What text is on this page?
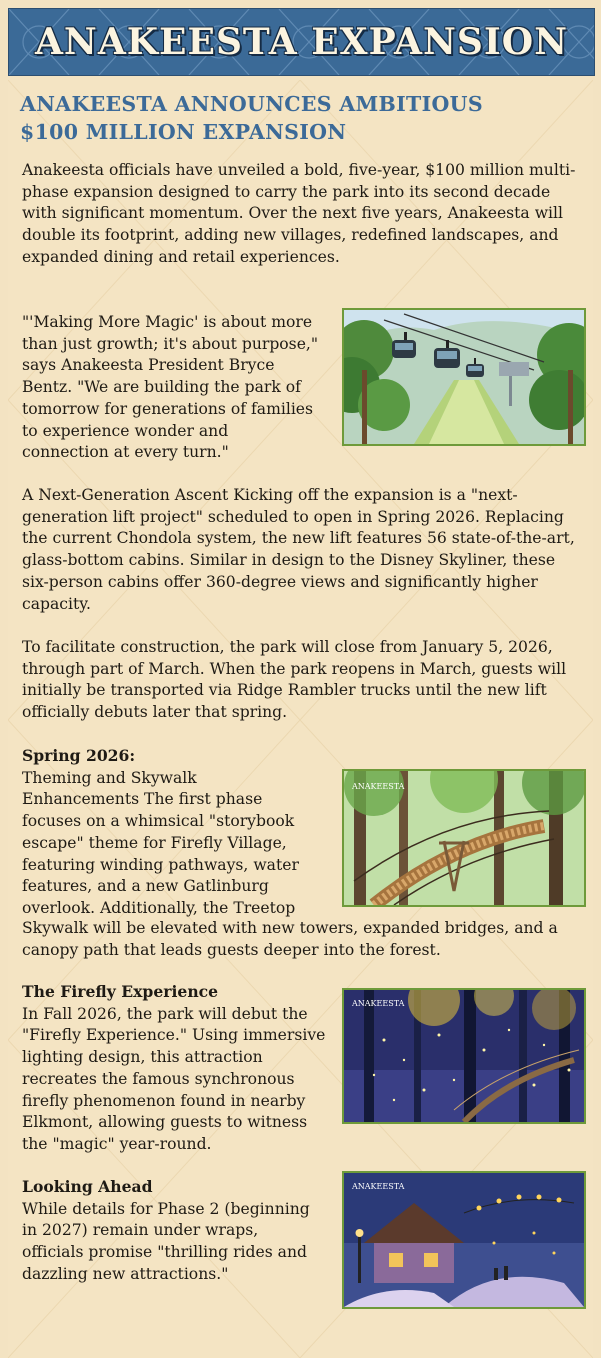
ANAKEESTA EXPANSION
ANAKEESTA ANNOUNCES AMBITIOUS
$100 MILLION EXPANSION

Anakeesta officials have unveiled a bold, five-year, $100 million multi-phase expansion designed to carry the park into its second decade with significant momentum. Over the next five years, Anakeesta will double its footprint, adding new villages, redefined landscapes, and expanded dining and retail experiences.

"'Making More Magic' is about more
than just growth; it's about purpose,"
says Anakeesta President Bryce
Bentz. "We are building the park of
tomorrow for generations of families
to experience wonder and
connection at every turn."

A Next-Generation Ascent Kicking off the expansion is a "next-generation lift project" scheduled to open in Spring 2026. Replacing the current Chondola system, the new lift features 56 state-of-the-art, glass-bottom cabins. Similar in design to the Disney Skyliner, these six-person cabins offer 360-degree views and significantly higher capacity.

To facilitate construction, the park will close from January 5, 2026, through part of March. When the park reopens in March, guests will initially be transported via Ridge Rambler trucks until the new lift officially debuts later that spring.

Spring 2026:
Theming and Skywalk
Enhancements The first phase
focuses on a whimsical "storybook
escape" theme for Firefly Village,
featuring winding pathways, water
features, and a new Gatlinburg
overlook. Additionally, the Treetop

Skywalk will be elevated with new towers, expanded bridges, and a canopy path that leads guests deeper into the forest.

ANAKEESTA

The Firefly Experience
In Fall 2026, the park will debut the
"Firefly Experience." Using immersive
lighting design, this attraction
recreates the famous synchronous
firefly phenomenon found in nearby
Elkmont, allowing guests to witness
the "magic" year-round.

ANAKEESTA

Looking Ahead
While details for Phase 2 (beginning
in 2027) remain under wraps,
officials promise "thrilling rides and
dazzling new attractions."

ANAKEESTA
